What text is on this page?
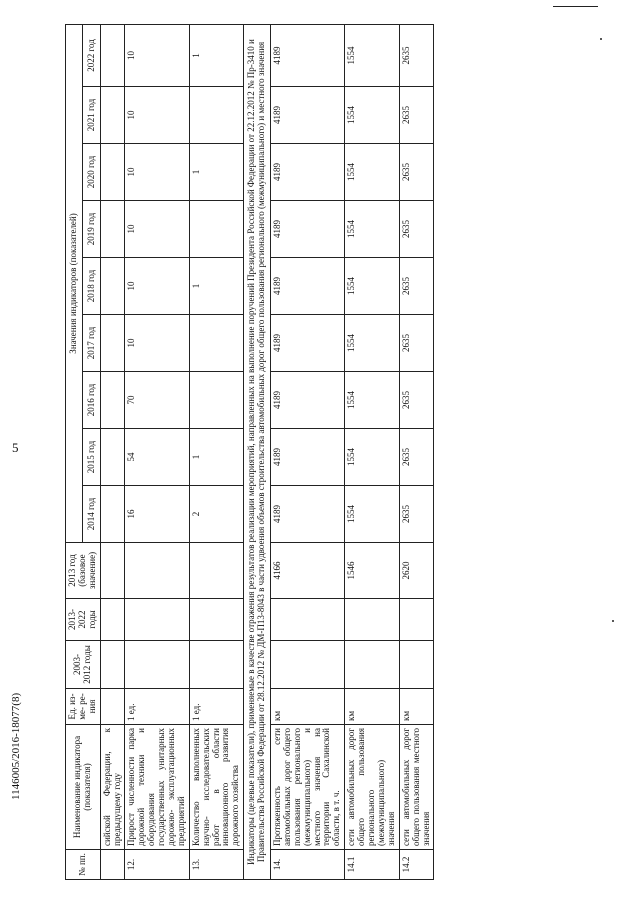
5
1146005/2016-18077(8)
№ пп.	Наименование индикатора (показателя)	Ед. из- ме- ре- ния	2003- 2012 годы	2013- 2022 годы	2013 год (базовое значение)	Значения индикаторов (показателей)								
						2014 год	2015 год	2016 год	2017 год	2018 год	2019 год	2020 год	2021 год	2022 год
	сийской Федерации, к предыдущему году													
12.	Прирост численности парка дорожной техники и оборудования государственных унитарных дорожно- эксплуатационных предприятий	1 ед.				16	54	70	10	10	10	10	10	10
13.	Количество выполненных научно- исследовательских работ в области инновационного развития дорожного хозяйства	1 ед.				2	1			1		1		1
Индикаторы (целевые показатели), применяемые в качестве отражения результатов реализации мероприятий, направленных на выполнение поручений Президента Российской Федерации от 22.12.2012 № Пр-3410 и Правительства Российской Федерации от 28.12.2012 № ДМ-П13-8043 в части удвоения объемов строительства автомобильных дорог общего пользования регионального (межмуниципального) и местного значения														
14.	Протяженность сети автомобильных дорог общего пользования регионального (межмуниципального) и местного значения на территории Сахалинской области, в т. ч.	км			4166	4189	4189	4189	4189	4189	4189	4189	4189	4189
14.1	сети автомобильных дорог общего пользования регионального (межмуниципального) значения	км			1546	1554	1554	1554	1554	1554	1554	1554	1554	1554
14.2	сети автомобильных дорог общего пользования местного значения	км			2620	2635	2635	2635	2635	2635	2635	2635	2635	2635
